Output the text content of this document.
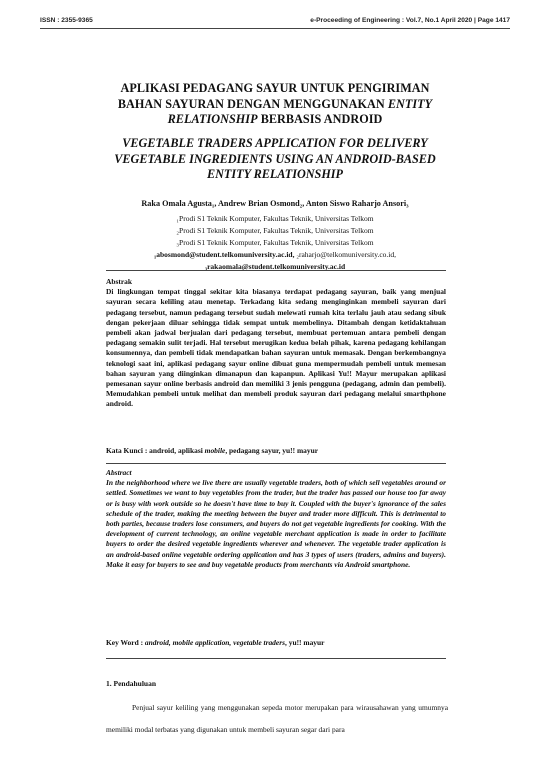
ISSN : 2355-9365	e-Proceeding of Engineering : Vol.7, No.1 April 2020 | Page 1417
APLIKASI PEDAGANG SAYUR UNTUK PENGIRIMAN
BAHAN SAYURAN DENGAN MENGGUNAKAN ENTITY
RELATIONSHIP BERBASIS ANDROID
VEGETABLE TRADERS APPLICATION FOR DELIVERY
VEGETABLE INGREDIENTS USING AN ANDROID-BASED
ENTITY RELATIONSHIP
Raka Omala Agusta₁, Andrew Brian Osmond₂, Anton Siswo Raharjo Ansori₃
₁Prodi S1 Teknik Komputer, Fakultas Teknik, Universitas Telkom
₂Prodi S1 Teknik Komputer, Fakultas Teknik, Universitas Telkom
₃Prodi S1 Teknik Komputer, Fakultas Teknik, Universitas Telkom
₁abosmond@student.telkomuniversity.ac.id, ₂raharjo@telkomuniversity.co.id,
₃rakaomala@student.telkomuniversity.ac.id
Abstrak

Di lingkungan tempat tinggal sekitar kita biasanya terdapat pedagang sayuran, baik yang menjual sayuran secara keliling atau menetap. Terkadang kita sedang menginginkan membeli sayuran dari pedagang tersebut, namun pedagang tersebut sudah melewati rumah kita terlalu jauh atau sedang sibuk dengan pekerjaan diluar sehingga tidak sempat untuk membelinya. Ditambah dengan ketidaktahuan pembeli akan jadwal berjualan dari pedagang tersebut, membuat pertemuan antara pembeli dengan pedagang semakin sulit terjadi. Hal tersebut merugikan kedua belah pihak, karena pedagang kehilangan konsumennya, dan pembeli tidak mendapatkan bahan sayuran untuk memasak. Dengan berkembangnya teknologi saat ini, aplikasi pedagang sayur online dibuat guna mempermudah pembeli untuk memesan bahan sayuran yang diinginkan dimanapun dan kapanpun. Aplikasi Yu!! Mayur merupakan aplikasi pemesanan sayur online berbasis android dan memiliki 3 jenis pengguna (pedagang, admin dan pembeli). Memudahkan pembeli untuk melihat dan membeli produk sayuran dari pedagang melalui smarthphone android.

Kata Kunci : android, aplikasi mobile, pedagang sayur, yu!! mayur
Abstract

In the neighborhood where we live there are usually vegetable traders, both of which sell vegetables around or settled. Sometimes we want to buy vegetables from the trader, but the trader has passed our house too far away or is busy with work outside so he doesn't have time to buy it. Coupled with the buyer's ignorance of the sales schedule of the trader, making the meeting between the buyer and trader more difficult. This is detrimental to both parties, because traders lose consumers, and buyers do not get vegetable ingredients for cooking. With the development of current technology, an online vegetable merchant application is made in order to facilitate buyers to order the desired vegetable ingredients wherever and whenever. The vegetable trader application is an android-based online vegetable ordering application and has 3 types of users (traders, admins and buyers). Make it easy for buyers to see and buy vegetable products from merchants via Android smartphone.

Key Word : android, mobile application, vegetable traders, yu!! mayur
1. Pendahuluan

Penjual sayur keliling yang menggunakan sepeda motor merupakan para wirausahawan yang umumnya memiliki modal terbatas yang digunakan untuk membeli sayuran segar dari para
